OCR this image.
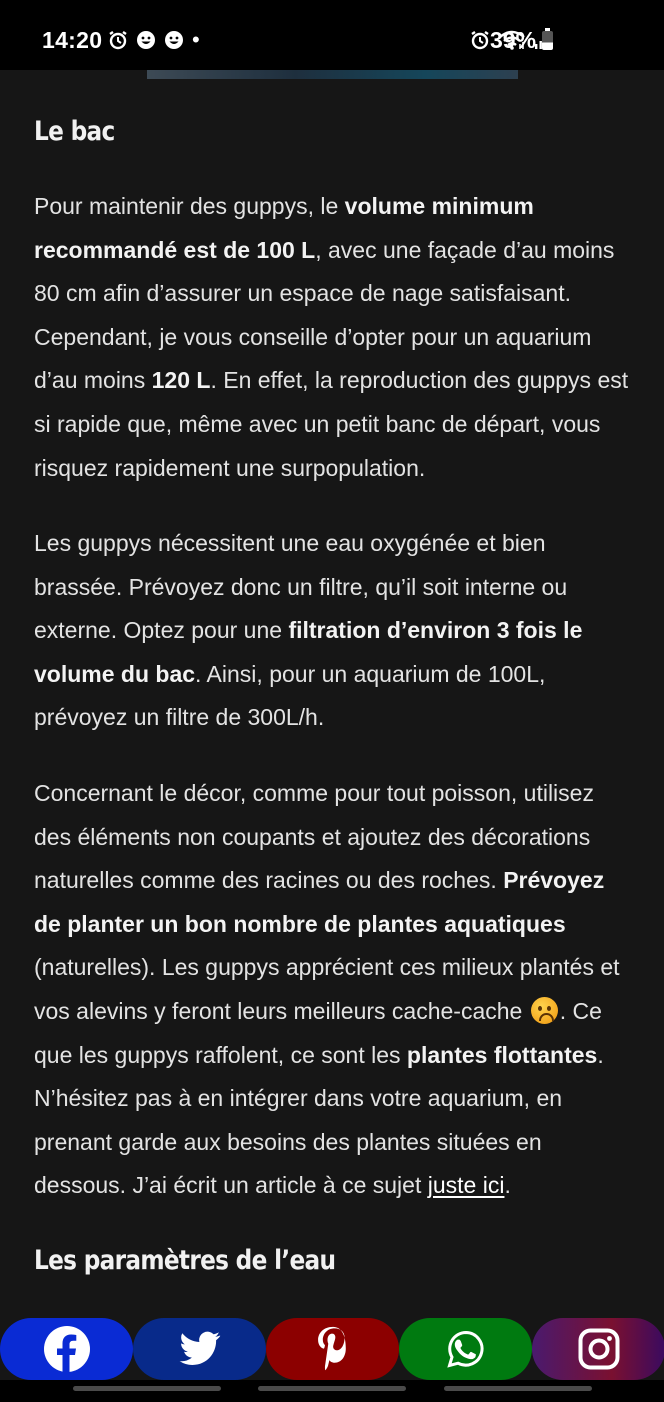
14:20	•	39%
Le bac

Pour maintenir des guppys, le volume minimum recommandé est de 100 L, avec une façade d’au moins 80 cm afin d’assurer un espace de nage satisfaisant. Cependant, je vous conseille d’opter pour un aquarium d’au moins 120 L. En effet, la reproduction des guppys est si rapide que, même avec un petit banc de départ, vous risquez rapidement une surpopulation.

Les guppys nécessitent une eau oxygénée et bien brassée. Prévoyez donc un filtre, qu’il soit interne ou externe. Optez pour une filtration d’environ 3 fois le volume du bac. Ainsi, pour un aquarium de 100L, prévoyez un filtre de 300L/h.

Concernant le décor, comme pour tout poisson, utilisez des éléments non coupants et ajoutez des décorations naturelles comme des racines ou des roches. Prévoyez de planter un bon nombre de plantes aquatiques (naturelles). Les guppys apprécient ces milieux plantés et vos alevins y feront leurs meilleurs cache-cache . Ce que les guppys raffolent, ce sont les plantes flottantes. N’hésitez pas à en intégrer dans votre aquarium, en prenant garde aux besoins des plantes situées en dessous. J’ai écrit un article à ce sujet juste ici.

Les paramètres de l’eau
